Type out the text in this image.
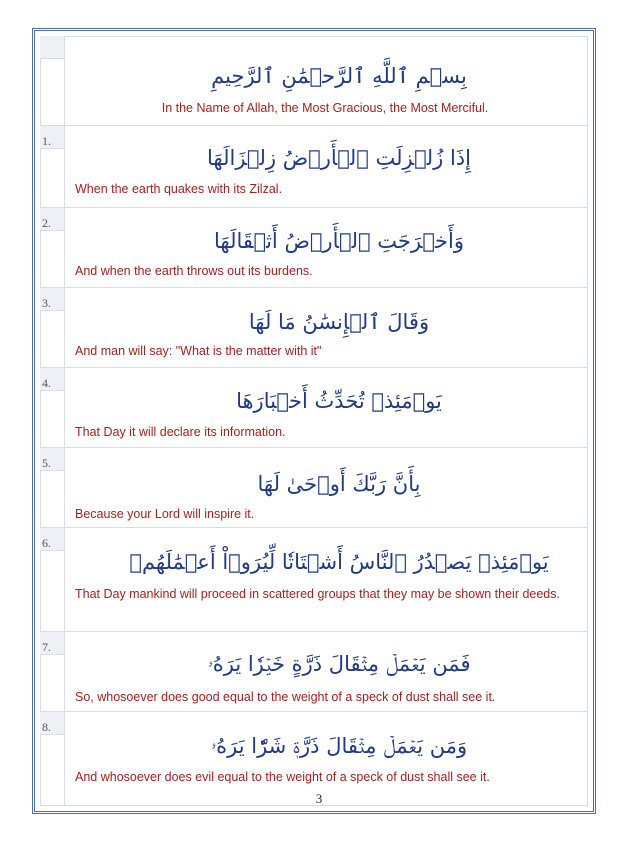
بِسۡمِ ٱللَّهِ ٱلرَّحۡمَٰنِ ٱلرَّحِيمِ
In the Name of Allah, the Most Gracious, the Most Merciful.
1.
إِذَا زُلۡزِلَتِ ٱلۡأَرۡضُ زِلۡزَالَهَا
When the earth quakes with its Zilzal.
2.
وَأَخۡرَجَتِ ٱلۡأَرۡضُ أَثۡقَالَهَا
And when the earth throws out its burdens.
3.
وَقَالَ ٱلۡإِنسَٰنُ مَا لَهَا
And man will say: "What is the matter with it"
4.
يَوۡمَئِذٖ تُحَدِّثُ أَخۡبَارَهَا
That Day it will declare its information.
5.
بِأَنَّ رَبَّكَ أَوۡحَىٰ لَهَا
Because your Lord will inspire it.
6.
يَوۡمَئِذٖ يَصۡدُرُ ٱلنَّاسُ أَشۡتَاتٗا لِّيُرَوۡاْ أَعۡمَٰلَهُمۡ
That Day mankind will proceed in scattered groups that they may be shown their deeds.
7.
فَمَن يَعۡمَلۡ مِثۡقَالَ ذَرَّةٍ خَيۡرٗا يَرَهُۥ
So, whosoever does good equal to the weight of a speck of dust shall see it.
8.
وَمَن يَعۡمَلۡ مِثۡقَالَ ذَرَّةٖ شَرّٗا يَرَهُۥ
And whosoever does evil equal to the weight of a speck of dust shall see it.
3
